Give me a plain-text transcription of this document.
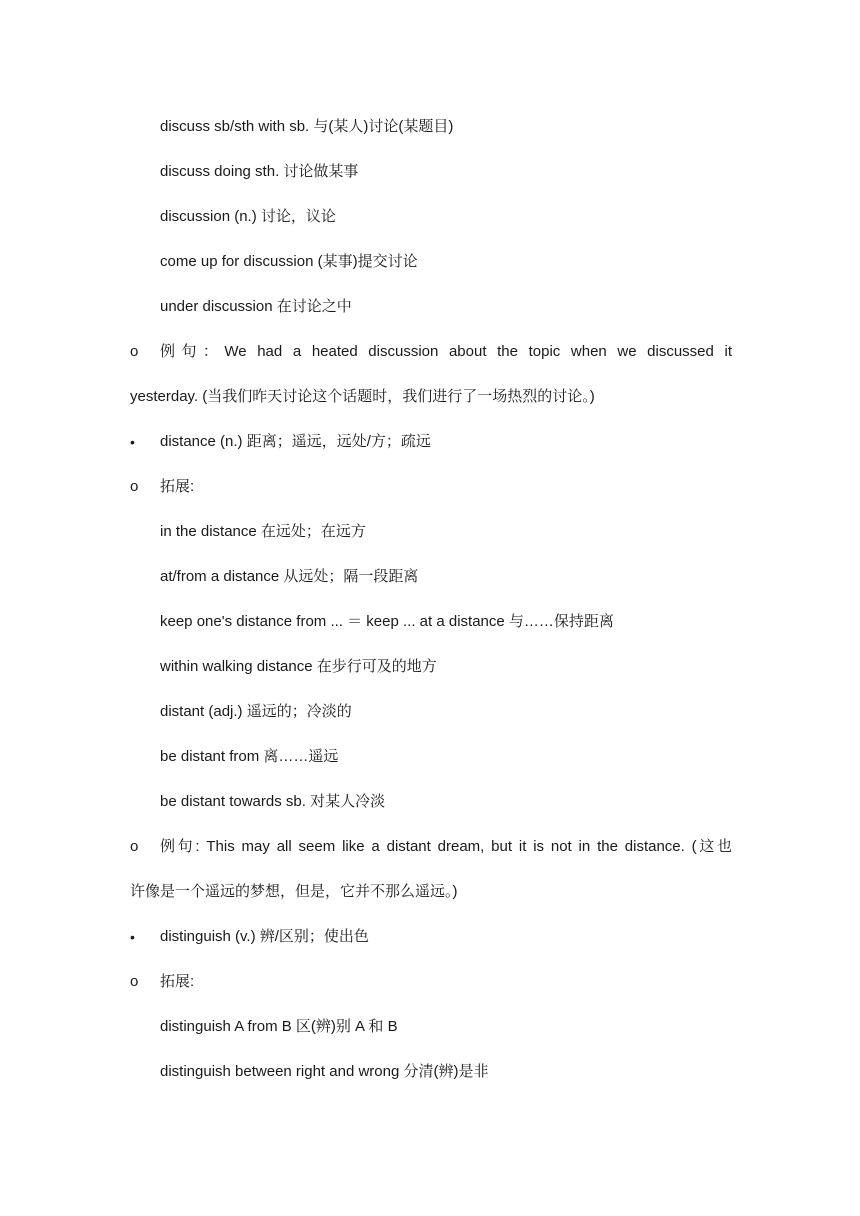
discuss sb/sth with sb. 与(某人)讨论(某题目)
discuss doing sth. 讨论做某事
discussion (n.) 讨论，议论
come up for discussion (某事)提交讨论
under discussion 在讨论之中
o	例句：We had a heated discussion about the topic when we discussed it
yesterday. (当我们昨天讨论这个话题时，我们进行了一场热烈的讨论。)
•	distance (n.) 距离；遥远，远处/方；疏远
o	拓展:
in the distance 在远处；在远方
at/from a distance 从远处；隔一段距离
keep one's distance from ... ＝ keep ... at a distance 与……保持距离
within walking distance 在步行可及的地方
distant (adj.) 遥远的；冷淡的
be distant from 离……遥远
be distant towards sb. 对某人冷淡
o	例句: This may all seem like a distant dream, but it is not in the distance. (这也
许像是一个遥远的梦想，但是，它并不那么遥远。)
•	distinguish (v.) 辨/区别；使出色
o	拓展:
distinguish A from B 区(辨)别 A 和 B
distinguish between right and wrong 分清(辨)是非
